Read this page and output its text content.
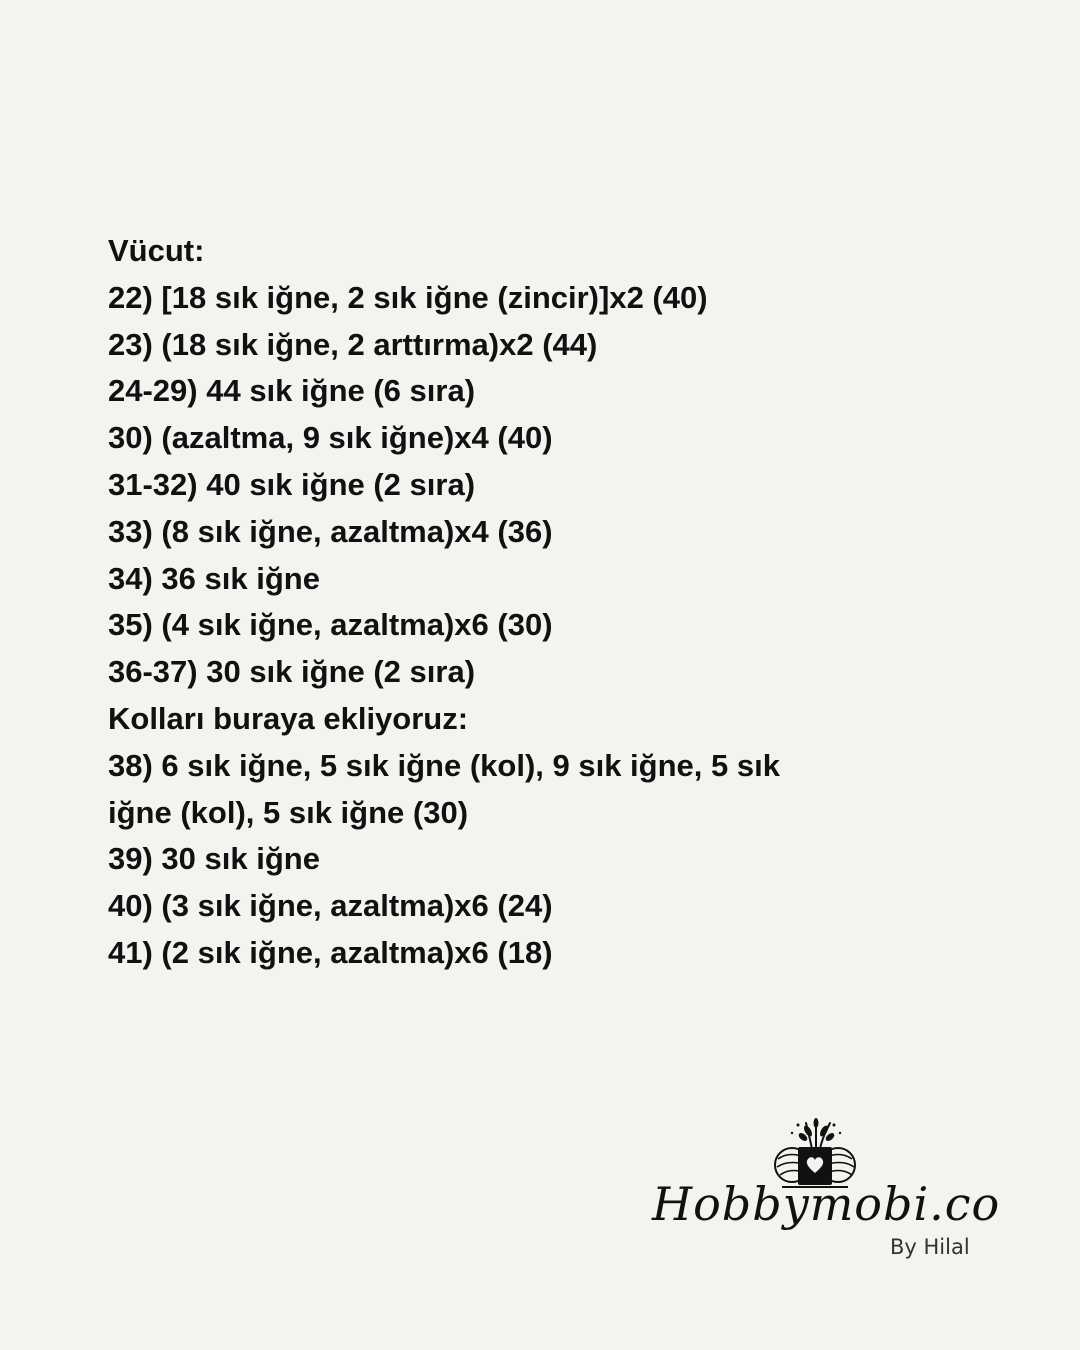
Vücut:
22) [18 sık iğne, 2 sık iğne (zincir)]x2 (40)
23) (18 sık iğne, 2 arttırma)x2 (44)
24-29) 44 sık iğne (6 sıra)
30) (azaltma, 9 sık iğne)x4 (40)
31-32) 40 sık iğne (2 sıra)
33) (8 sık iğne, azaltma)x4 (36)
34) 36 sık iğne
35) (4 sık iğne, azaltma)x6 (30)
36-37) 30 sık iğne (2 sıra)
Kolları buraya ekliyoruz:
38) 6 sık iğne, 5 sık iğne (kol), 9 sık iğne, 5 sık
iğne (kol), 5 sık iğne (30)
39) 30 sık iğne
40) (3 sık iğne, azaltma)x6 (24)
41) (2 sık iğne, azaltma)x6 (18)
Hobbymobi.co
By Hilal
